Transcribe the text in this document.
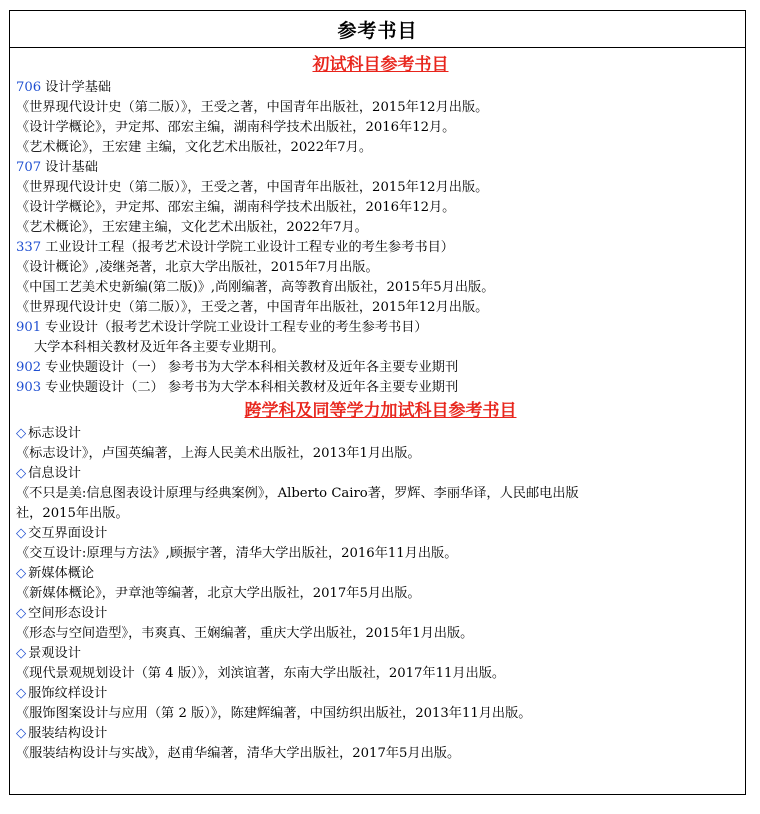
参考书目
初试科目参考书目
706 设计学基础
《世界现代设计史（第二版）》，王受之著，中国青年出版社，2015年12月出版。
《设计学概论》，尹定邦、邵宏主编，湖南科学技术出版社，2016年12月。
《艺术概论》，王宏建 主编，文化艺术出版社，2022年7月。
707 设计基础
《世界现代设计史（第二版）》，王受之著，中国青年出版社，2015年12月出版。
《设计学概论》，尹定邦、邵宏主编，湖南科学技术出版社，2016年12月。
《艺术概论》，王宏建主编，文化艺术出版社，2022年7月。
337 工业设计工程（报考艺术设计学院工业设计工程专业的考生参考书目）
《设计概论》,凌继尧著，北京大学出版社，2015年7月出版。
《中国工艺美术史新编(第二版)》,尚刚编著，高等教育出版社，2015年5月出版。
《世界现代设计史（第二版）》，王受之著，中国青年出版社，2015年12月出版。
901 专业设计（报考艺术设计学院工业设计工程专业的考生参考书目）
大学本科相关教材及近年各主要专业期刊。
902 专业快题设计（一） 参考书为大学本科相关教材及近年各主要专业期刊
903 专业快题设计（二） 参考书为大学本科相关教材及近年各主要专业期刊
跨学科及同等学力加试科目参考书目
◇ 标志设计
《标志设计》，卢国英编著，上海人民美术出版社，2013年1月出版。
◇ 信息设计
《不只是美:信息图表设计原理与经典案例》，Alberto Cairo著，罗辉、李丽华译，人民邮电出版
社，2015年出版。
◇ 交互界面设计
《交互设计:原理与方法》,顾振宇著，清华大学出版社，2016年11月出版。
◇ 新媒体概论
《新媒体概论》，尹章池等编著，北京大学出版社，2017年5月出版。
◇ 空间形态设计
《形态与空间造型》，韦爽真、王娴编著，重庆大学出版社，2015年1月出版。
◇ 景观设计
《现代景观规划设计（第 4 版）》，刘滨谊著，东南大学出版社，2017年11月出版。
◇ 服饰纹样设计
《服饰图案设计与应用（第 2 版）》，陈建辉编著，中国纺织出版社，2013年11月出版。
◇ 服装结构设计
《服装结构设计与实战》，赵甫华编著，清华大学出版社，2017年5月出版。
